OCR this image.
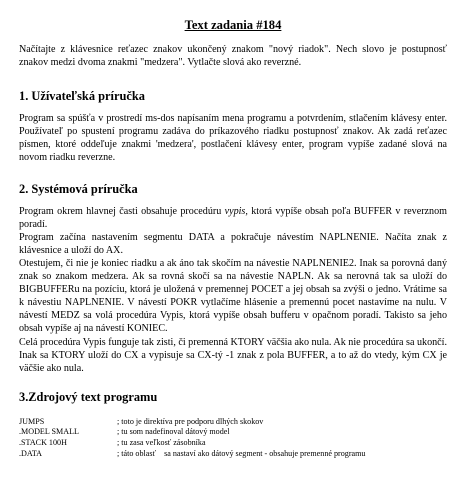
Text zadania #184

Načítajte z klávesnice reťazec znakov ukončený znakom "nový riadok". Nech slovo je postupnosť znakov medzi dvoma znakmi "medzera". Vytlačte slová ako reverzné.

1. Užívateľská príručka

Program sa spúšťa v prostredí ms-dos napísaním mena programu a potvrdením, stlačením klávesy enter. Používateľ po spustení programu zadáva do príkazového riadku postupnosť znakov. Ak zadá reťazec písmen, ktoré oddeľuje znakmi 'medzera', postlačení klávesy enter, program vypíše zadané slová na novom riadku reverzne.

2. Systémová príručka

Program okrem hlavnej časti obsahuje procedúru vypis, ktorá vypíše obsah poľa BUFFER v reverznom poradí.

Program začína nastavením segmentu DATA a pokračuje návestím NAPLNENIE. Načíta znak z klávesnice a uloží do AX.

Otestujem, či nie je koniec riadku a ak áno tak skočím na návestie NAPLNENIE2. Inak sa porovná daný znak so znakom medzera. Ak sa rovná skočí sa na návestie NAPLN. Ak sa nerovná tak sa uloží do BIGBUFFERu na pozíciu, ktorá je uložená v premennej POCET a jej obsah sa zvýši o jedno. Vrátime sa k návestiu NAPLNENIE. V návestí POKR vytlačíme hlásenie a premennú pocet nastavíme na nulu. V návestí MEDZ sa volá procedúra Vypis, ktorá vypíše obsah bufferu v opačnom poradí. Takisto sa jeho obsah vypíše aj na návestí KONIEC.

Celá procedúra Vypis funguje tak zisti, či premenná KTORY väčšia ako nula. Ak nie procedúra sa ukončí. Inak sa KTORY uloží do CX a vypisuje sa CX-tý -1 znak z pola BUFFER, a to až do vtedy, kým CX je väčšie ako nula.

3.Zdrojový text programu
JUMPS	; toto je direktíva pre podporu dlhých skokov
.MODEL SMALL	; tu som nadefinoval dátový model
.STACK 100H	; tu zasa veľkosť zásobníka
.DATA	; táto oblasť    sa nastaví ako dátový segment - obsahuje premenné programu
